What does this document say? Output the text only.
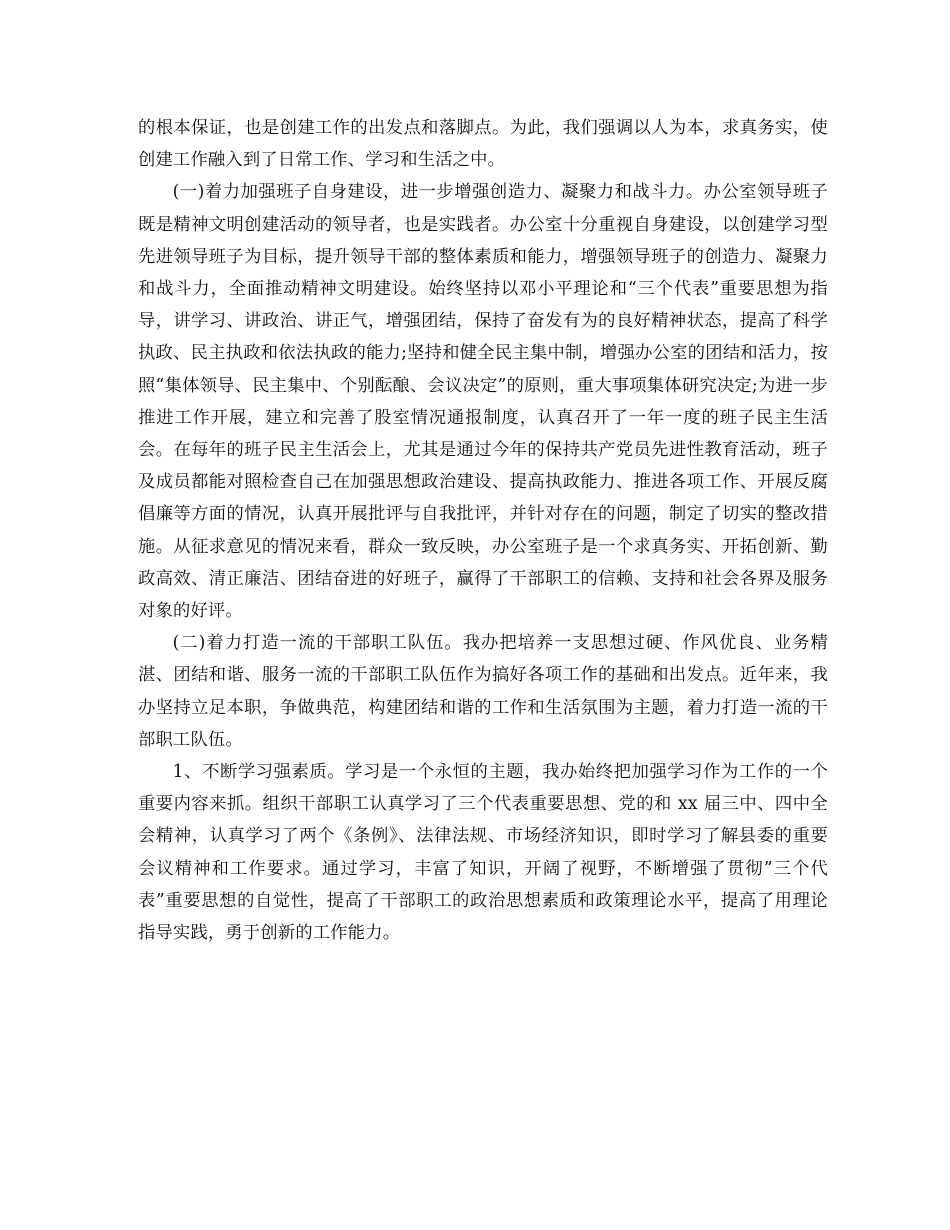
的根本保证，也是创建工作的出发点和落脚点。为此，我们强调以人为本，求真务实，使创建工作融入到了日常工作、学习和生活之中。

(一)着力加强班子自身建设，进一步增强创造力、凝聚力和战斗力。办公室领导班子既是精神文明创建活动的领导者，也是实践者。办公室十分重视自身建设，以创建学习型先进领导班子为目标，提升领导干部的整体素质和能力，增强领导班子的创造力、凝聚力和战斗力，全面推动精神文明建设。始终坚持以邓小平理论和“三个代表”重要思想为指导，讲学习、讲政治、讲正气，增强团结，保持了奋发有为的良好精神状态，提高了科学执政、民主执政和依法执政的能力;坚持和健全民主集中制，增强办公室的团结和活力，按照“集体领导、民主集中、个别酝酿、会议决定”的原则，重大事项集体研究决定;为进一步推进工作开展，建立和完善了股室情况通报制度，认真召开了一年一度的班子民主生活会。在每年的班子民主生活会上，尤其是通过今年的保持共产党员先进性教育活动，班子及成员都能对照检查自己在加强思想政治建设、提高执政能力、推进各项工作、开展反腐倡廉等方面的情况，认真开展批评与自我批评，并针对存在的问题，制定了切实的整改措施。从征求意见的情况来看，群众一致反映，办公室班子是一个求真务实、开拓创新、勤政高效、清正廉洁、团结奋进的好班子，赢得了干部职工的信赖、支持和社会各界及服务对象的好评。

(二)着力打造一流的干部职工队伍。我办把培养一支思想过硬、作风优良、业务精湛、团结和谐、服务一流的干部职工队伍作为搞好各项工作的基础和出发点。近年来，我办坚持立足本职，争做典范，构建团结和谐的工作和生活氛围为主题，着力打造一流的干部职工队伍。

1、不断学习强素质。学习是一个永恒的主题，我办始终把加强学习作为工作的一个重要内容来抓。组织干部职工认真学习了三个代表重要思想、党的和 xx 届三中、四中全会精神，认真学习了两个《条例》、法律法规、市场经济知识，即时学习了解县委的重要会议精神和工作要求。通过学习，丰富了知识，开阔了视野，不断增强了贯彻”三个代表”重要思想的自觉性，提高了干部职工的政治思想素质和政策理论水平，提高了用理论指导实践，勇于创新的工作能力。
